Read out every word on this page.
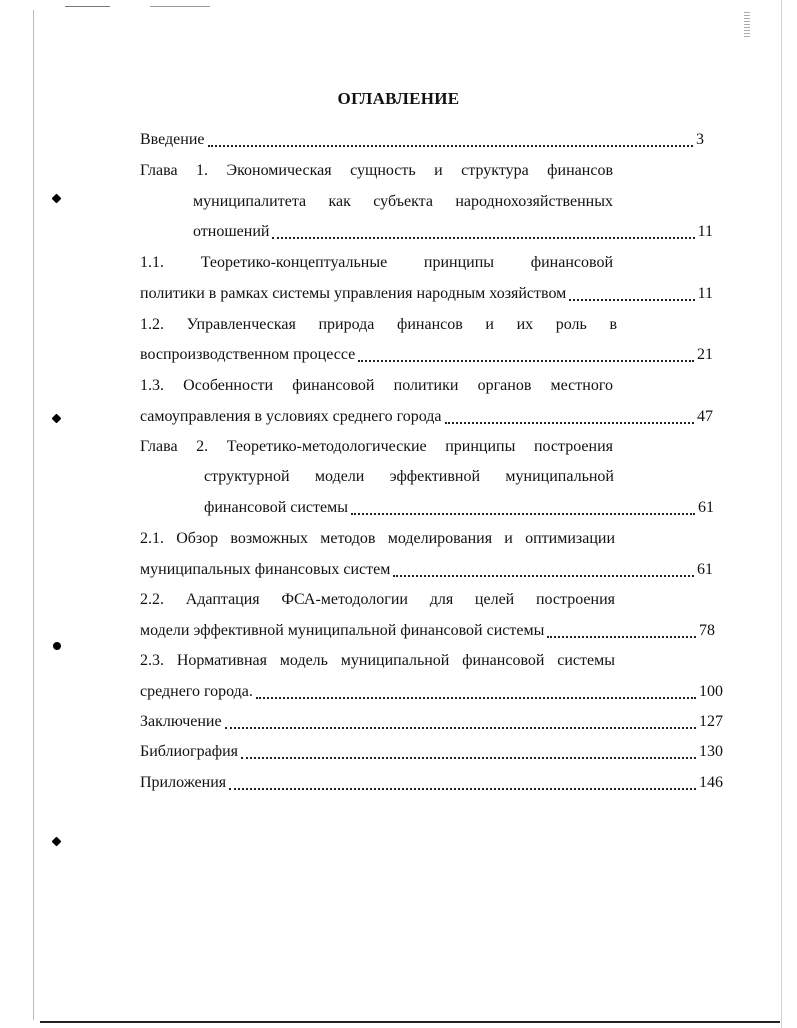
ОГЛАВЛЕНИЕ
Введение	3
Глава 1. Экономическая сущность и структура финансов
муниципалитета как субъекта народнохозяйственных
отношений	11
1.1. Теоретико-концептуальные принципы финансовой
политики в рамках системы управления народным хозяйством	11
1.2. Управленческая природа финансов и их роль в
воспроизводственном процессе	21
1.3. Особенности финансовой политики органов местного
самоуправления в условиях среднего города	47
Глава 2. Теоретико-методологические принципы построения
структурной модели эффективной муниципальной
финансовой системы	61
2.1. Обзор возможных методов моделирования и оптимизации
муниципальных финансовых систем	61
2.2. Адаптация ФСА-методологии для целей построения
модели эффективной муниципальной финансовой системы	78
2.3. Нормативная модель муниципальной финансовой системы
среднего города.	100
Заключение	127
Библиография	130
Приложения	146
